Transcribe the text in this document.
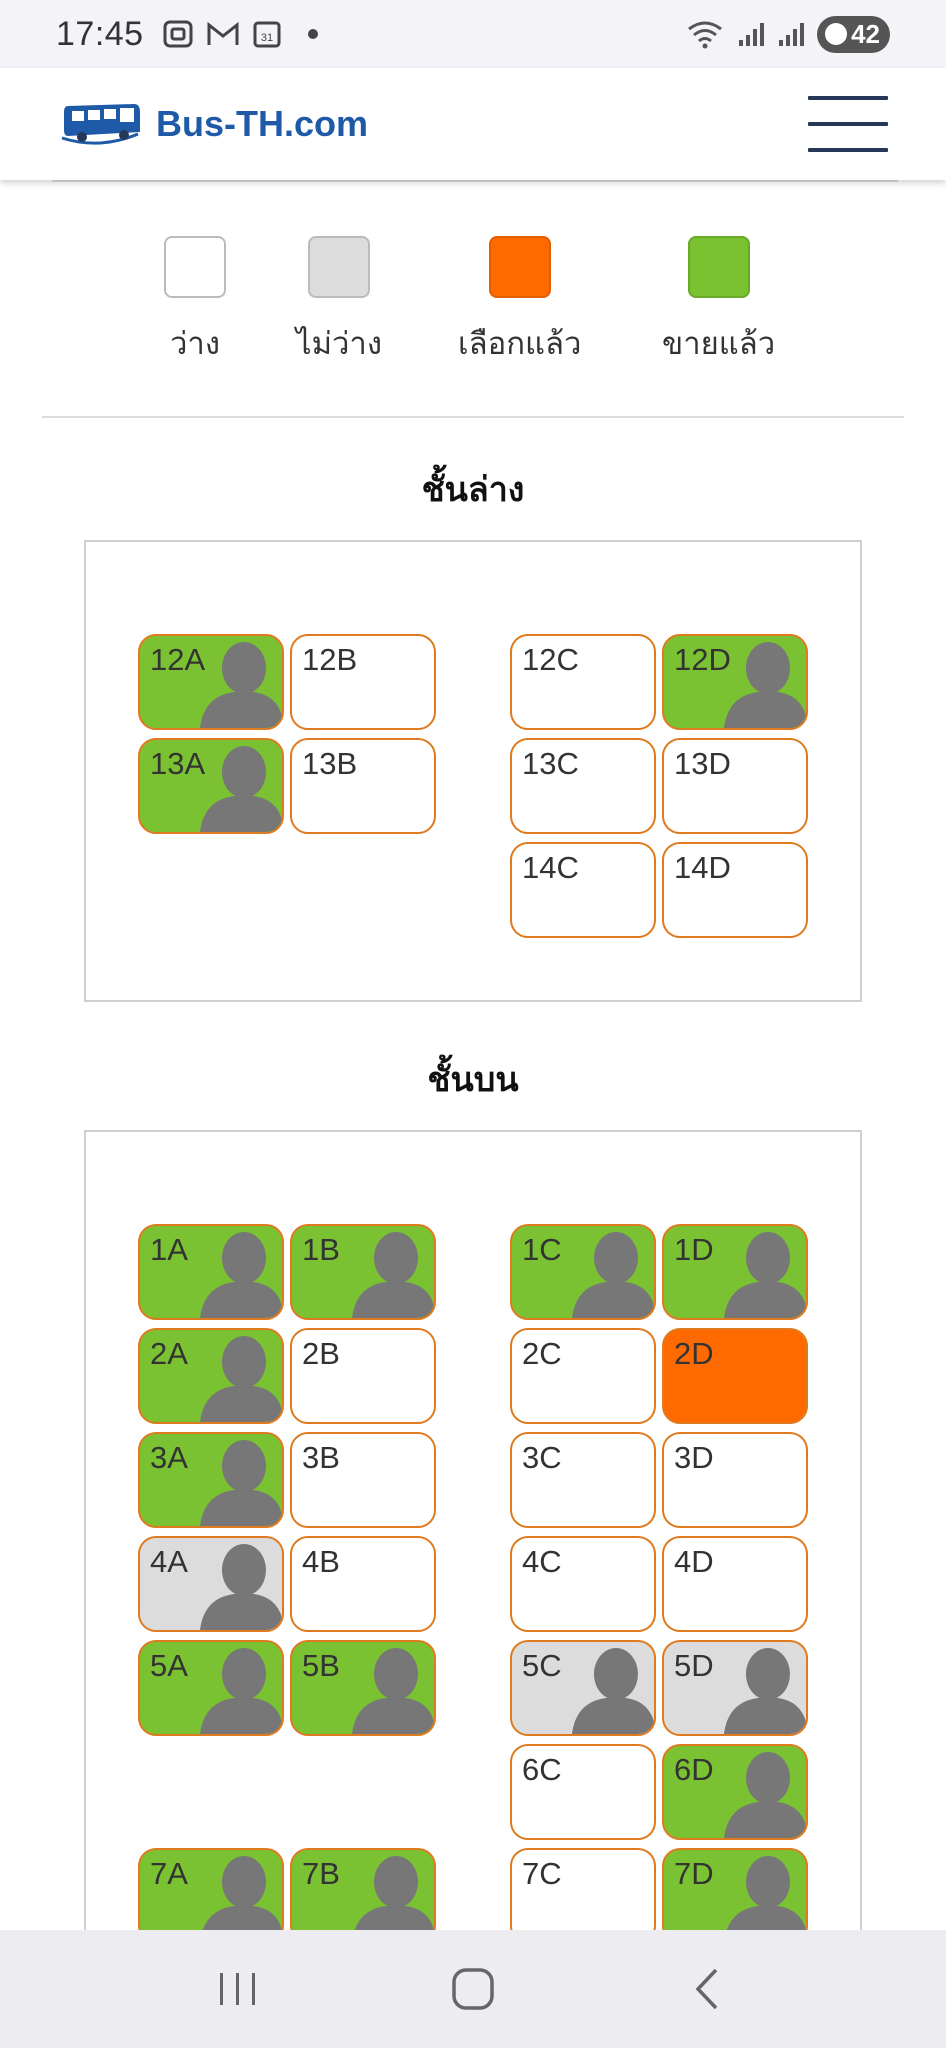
17:45	31	42
Bus-TH.com
ว่าง ไม่ว่าง เลือกแล้ว	ขายแล้ว
ชั้นล่าง
12A	12B	12C	12D
13A	13B	13C	13D
14C	14D
ชั้นบน
1A	1B	1C	1D
2A	2B	2C	2D
3A	3B	3C	3D
4A	4B	4C	4D
5A	5B	5C	5D
6C	6D
7A	7B	7C	7D
